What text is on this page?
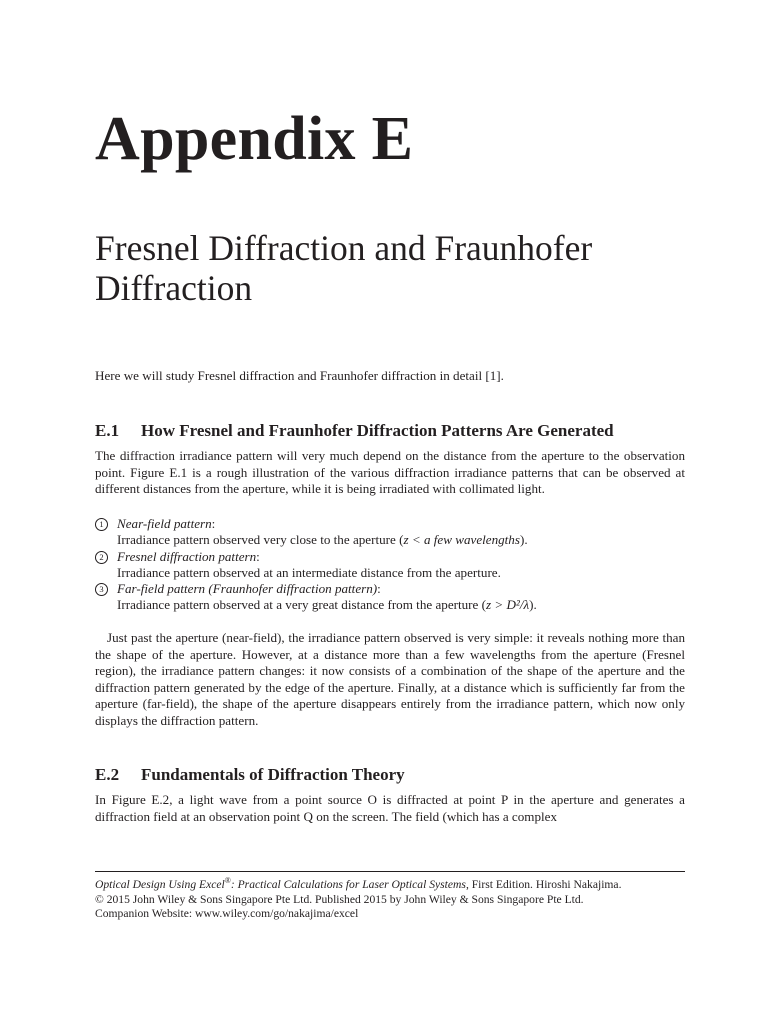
Appendix E
Fresnel Diffraction and Fraunhofer Diffraction
Here we will study Fresnel diffraction and Fraunhofer diffraction in detail [1].
E.1 How Fresnel and Fraunhofer Diffraction Patterns Are Generated
The diffraction irradiance pattern will very much depend on the distance from the aperture to the observation point. Figure E.1 is a rough illustration of the various diffraction irradiance patterns that can be observed at different distances from the aperture, while it is being irradiated with collimated light.
1	Near-field pattern:
Irradiance pattern observed very close to the aperture (z < a few wavelengths).
2	Fresnel diffraction pattern:
Irradiance pattern observed at an intermediate distance from the aperture.
3	Far-field pattern (Fraunhofer diffraction pattern):
Irradiance pattern observed at a very great distance from the aperture (z > D²/λ).
Just past the aperture (near-field), the irradiance pattern observed is very simple: it reveals nothing more than the shape of the aperture. However, at a distance more than a few wavelengths from the aperture (Fresnel region), the irradiance pattern changes: it now consists of a combination of the shape of the aperture and the diffraction pattern generated by the edge of the aperture. Finally, at a distance which is sufficiently far from the aperture (far-field), the shape of the aperture disappears entirely from the irradiance pattern, which now only displays the diffraction pattern.
E.2 Fundamentals of Diffraction Theory
In Figure E.2, a light wave from a point source O is diffracted at point P in the aperture and generates a diffraction field at an observation point Q on the screen. The field (which has a complex
Optical Design Using Excel®: Practical Calculations for Laser Optical Systems, First Edition. Hiroshi Nakajima.
© 2015 John Wiley & Sons Singapore Pte Ltd. Published 2015 by John Wiley & Sons Singapore Pte Ltd.
Companion Website: www.wiley.com/go/nakajima/excel
